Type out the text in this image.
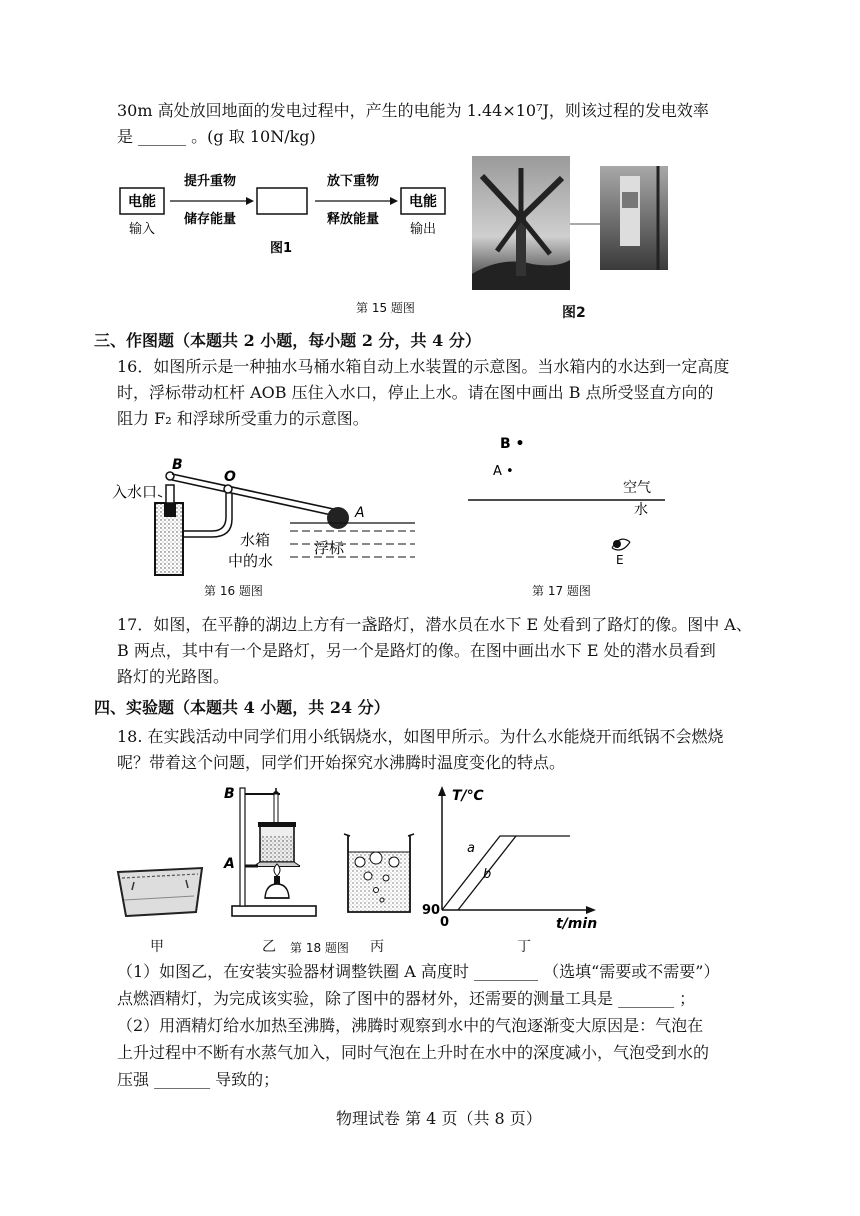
30m 高处放回地面的发电过程中，产生的电能为 1.44×10⁷J，则该过程的发电效率
是 ______ 。(g 取 10N/kg)
电能
输入
提升重物
储存能量
放下重物
释放能量
电能
输出
图1
第 15 题图	图2
三、作图题（本题共 2 小题，每小题 2 分，共 4 分）
16．如图所示是一种抽水马桶水箱自动上水装置的示意图。当水箱内的水达到一定高度
时，浮标带动杠杆 AOB 压住入水口，停止上水。请在图中画出 B 点所受竖直方向的
阻力 F₂ 和浮球所受重力的示意图。
入水口
B
O
A
水箱
中的水
浮标
第 16 题图
B •
A •
空气
水
E
第 17 题图
17．如图，在平静的湖边上方有一盏路灯，潜水员在水下 E 处看到了路灯的像。图中 A、
B 两点，其中有一个是路灯，另一个是路灯的像。在图中画出水下 E 处的潜水员看到
路灯的光路图。
四、实验题（本题共 4 小题，共 24 分）
18. 在实践活动中同学们用小纸锅烧水，如图甲所示。为什么水能烧开而纸锅不会燃烧
呢？带着这个问题，同学们开始探究水沸腾时温度变化的特点。
B
A
T/℃
t/min
90
0
a
b
甲	乙 第 18 题图 丙	丁
（1）如图乙，在安装实验器材调整铁圈 A 高度时 ________ （选填“需要或不需要”）
点燃酒精灯，为完成该实验，除了图中的器材外，还需要的测量工具是 _______ ；
（2）用酒精灯给水加热至沸腾，沸腾时观察到水中的气泡逐渐变大原因是：气泡在
上升过程中不断有水蒸气加入，同时气泡在上升时在水中的深度减小，气泡受到水的
压强 _______ 导致的；
物理试卷 第 4 页（共 8 页）
